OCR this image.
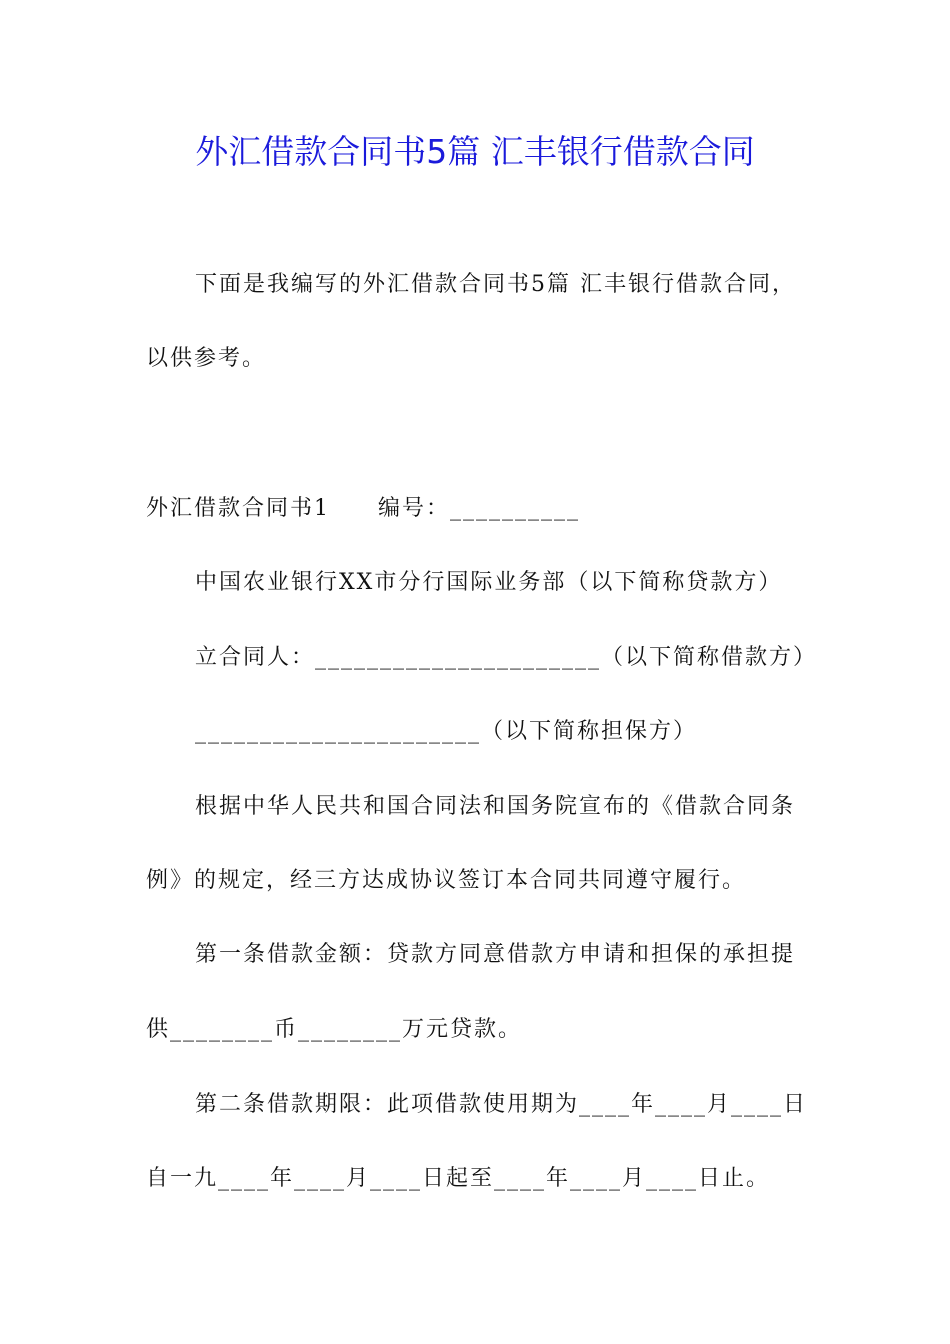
外汇借款合同书5篇 汇丰银行借款合同
下面是我编写的外汇借款合同书5篇 汇丰银行借款合同，
以供参考。
外汇借款合同书1 编号：__________
中国农业银行XX市分行国际业务部（以下简称贷款方）
立合同人：______________________（以下简称借款方）
______________________（以下简称担保方）
根据中华人民共和国合同法和国务院宣布的《借款合同条
例》的规定，经三方达成协议签订本合同共同遵守履行。
第一条借款金额：贷款方同意借款方申请和担保的承担提
供________币________万元贷款。
第二条借款期限：此项借款使用期为____年____月____日
自一九____年____月____日起至____年____月____日止。
